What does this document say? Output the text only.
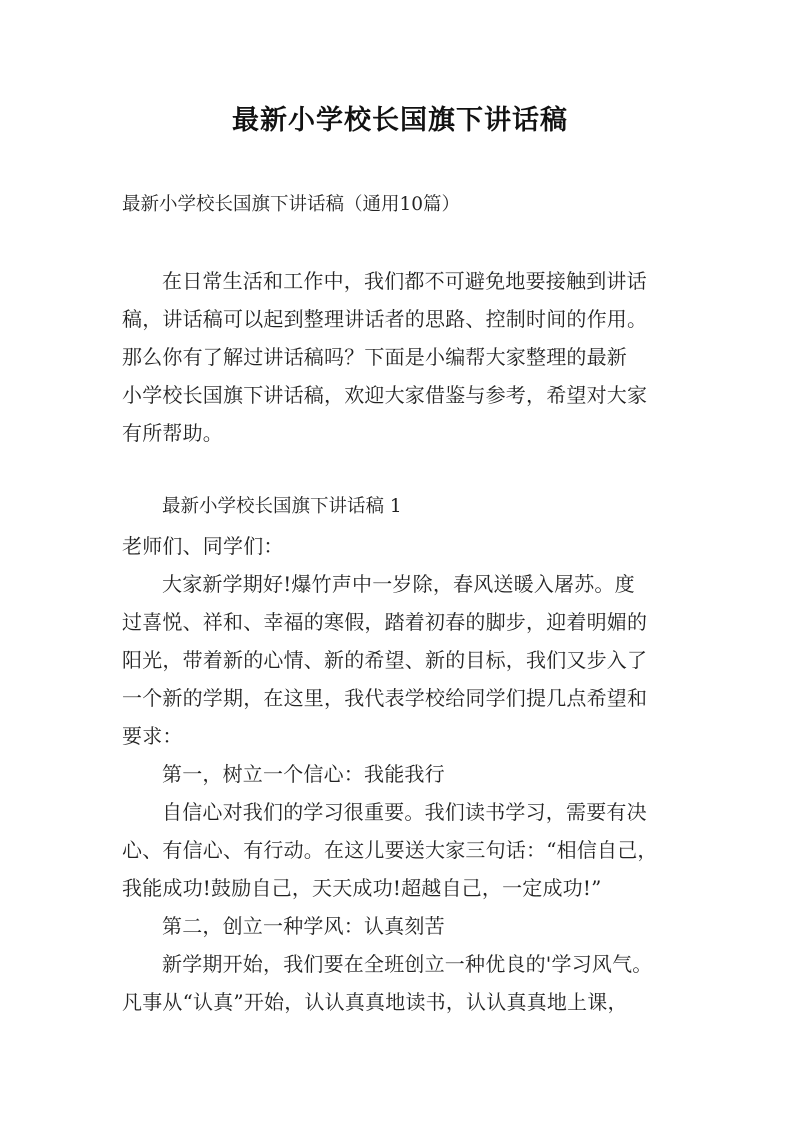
最新小学校长国旗下讲话稿
最新小学校长国旗下讲话稿（通用10篇）
在日常生活和工作中，我们都不可避免地要接触到讲话
稿，讲话稿可以起到整理讲话者的思路、控制时间的作用。
那么你有了解过讲话稿吗？下面是小编帮大家整理的最新
小学校长国旗下讲话稿，欢迎大家借鉴与参考，希望对大家
有所帮助。
最新小学校长国旗下讲话稿 1
老师们、同学们：
大家新学期好!爆竹声中一岁除，春风送暖入屠苏。度
过喜悦、祥和、幸福的寒假，踏着初春的脚步，迎着明媚的
阳光，带着新的心情、新的希望、新的目标，我们又步入了
一个新的学期，在这里，我代表学校给同学们提几点希望和
要求：
第一，树立一个信心：我能我行
自信心对我们的学习很重要。我们读书学习，需要有决
心、有信心、有行动。在这儿要送大家三句话：“相信自己，
我能成功!鼓励自己，天天成功!超越自己，一定成功!”
第二，创立一种学风：认真刻苦
新学期开始，我们要在全班创立一种优良的'学习风气。
凡事从“认真”开始，认认真真地读书，认认真真地上课，
